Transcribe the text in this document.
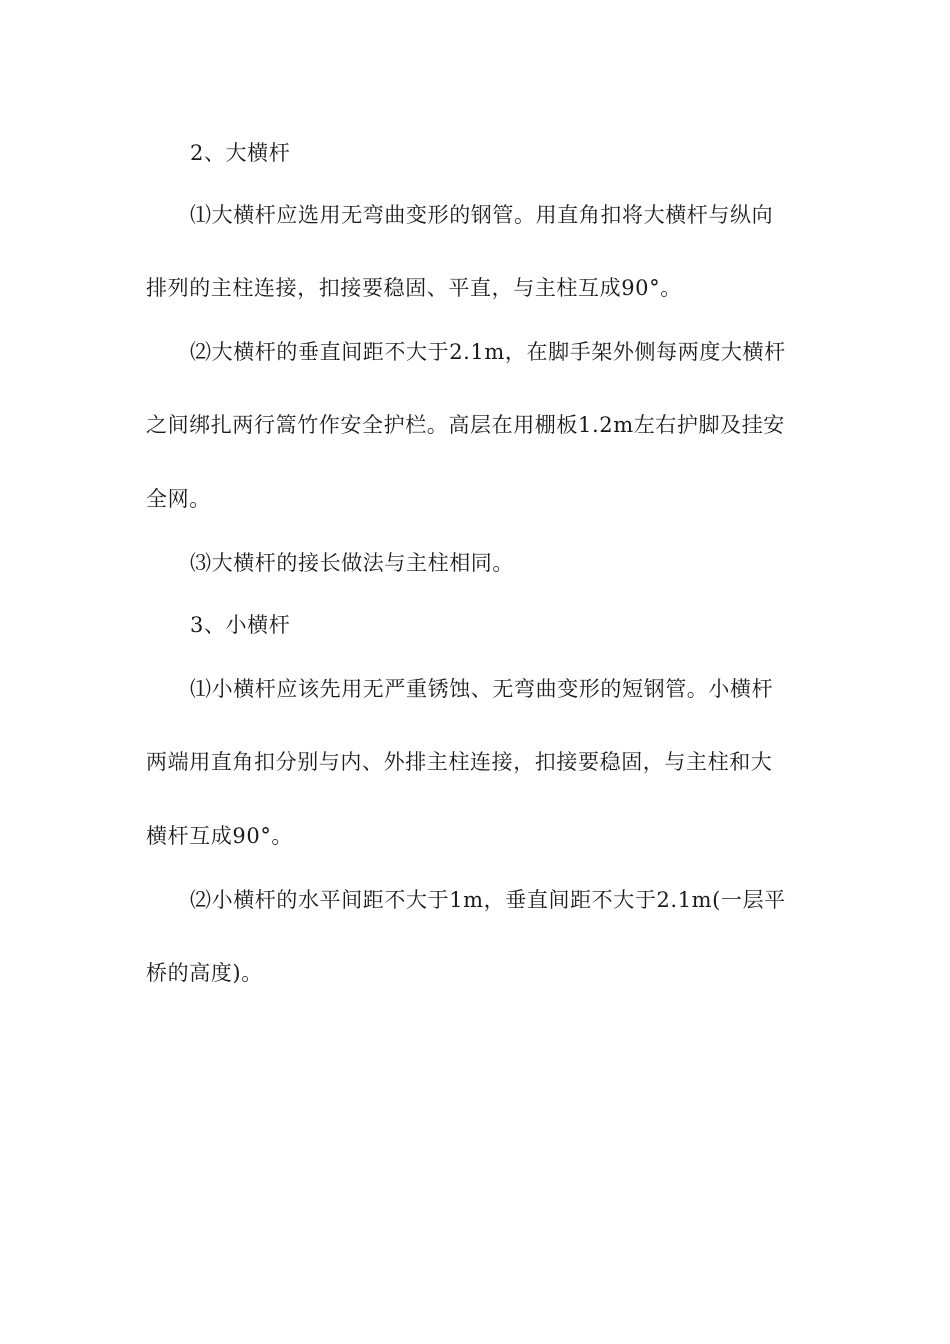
2、大横杆
⑴大横杆应选用无弯曲变形的钢管。用直角扣将大横杆与纵向
排列的主柱连接，扣接要稳固、平直，与主柱互成90°。
⑵大横杆的垂直间距不大于2.1m，在脚手架外侧每两度大横杆
之间绑扎两行篙竹作安全护栏。高层在用棚板1.2m左右护脚及挂安
全网。
⑶大横杆的接长做法与主柱相同。
3、小横杆
⑴小横杆应该先用无严重锈蚀、无弯曲变形的短钢管。小横杆
两端用直角扣分别与内、外排主柱连接，扣接要稳固，与主柱和大
横杆互成90°。
⑵小横杆的水平间距不大于1m，垂直间距不大于2.1m(一层平
桥的高度)。
